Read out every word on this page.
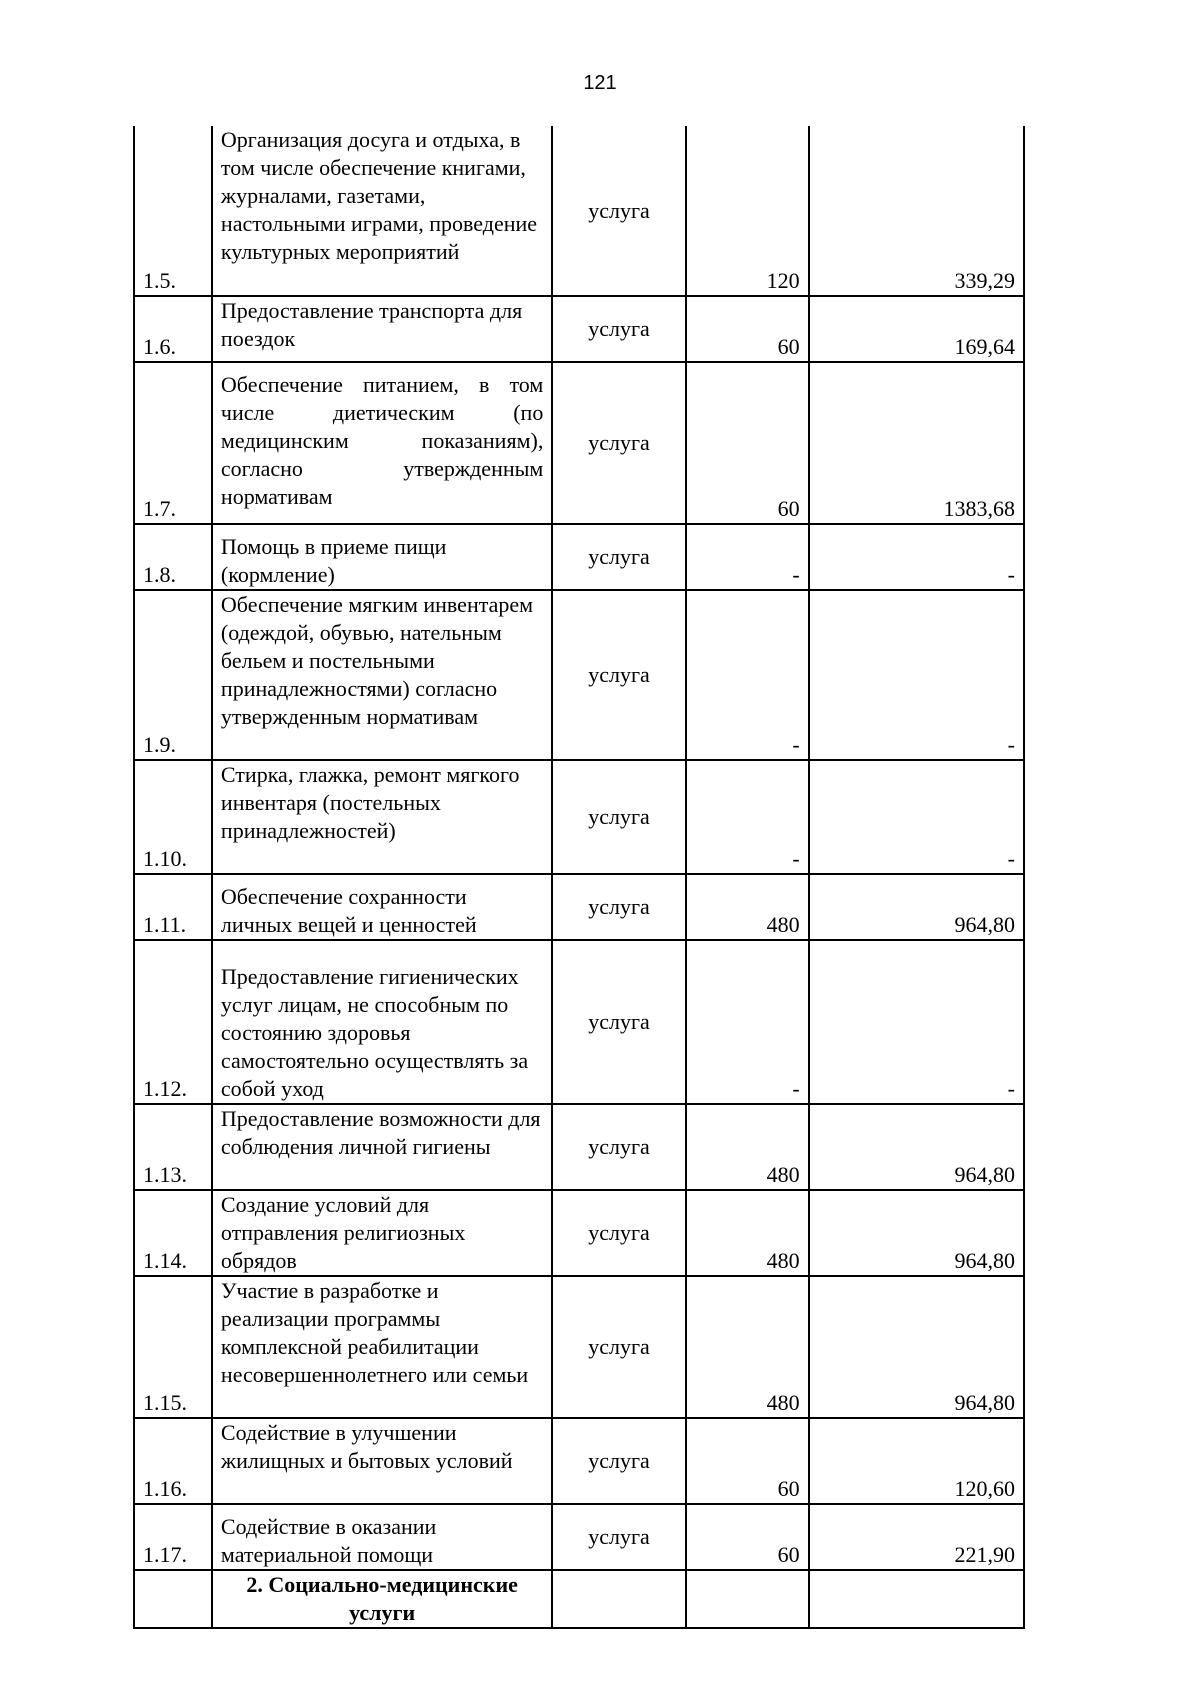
121
1.5.	Организация досуга и отдыха, в том числе обеспечение книгами, журналами, газетами, настольными играми, проведение культурных мероприятий	услуга	120	339,29
1.6.	Предоставление транспорта для поездок	услуга	60	169,64
1.7.	Обеспечение питанием, в том числе диетическим (по медицинским показаниям), согласно утвержденным нормативам	услуга	60	1383,68
1.8.	Помощь в приеме пищи (кормление)	услуга	-	-
1.9.	Обеспечение мягким инвентарем (одеждой, обувью, нательным бельем и постельными принадлежностями) согласно утвержденным нормативам	услуга	-	-
1.10.	Стирка, глажка, ремонт мягкого инвентаря (постельных принадлежностей)	услуга	-	-
1.11.	Обеспечение сохранности личных вещей и ценностей	услуга	480	964,80
1.12.	Предоставление гигиенических услуг лицам, не способным по состоянию здоровья самостоятельно осуществлять за собой уход	услуга	-	-
1.13.	Предоставление возможности для соблюдения личной гигиены	услуга	480	964,80
1.14.	Создание условий для отправления религиозных обрядов	услуга	480	964,80
1.15.	Участие в разработке и реализации программы комплексной реабилитации несовершеннолетнего или семьи	услуга	480	964,80
1.16.	Содействие в улучшении жилищных и бытовых условий	услуга	60	120,60
1.17.	Содействие в оказании материальной помощи	услуга	60	221,90
	2. Социально-медицинские услуги			
